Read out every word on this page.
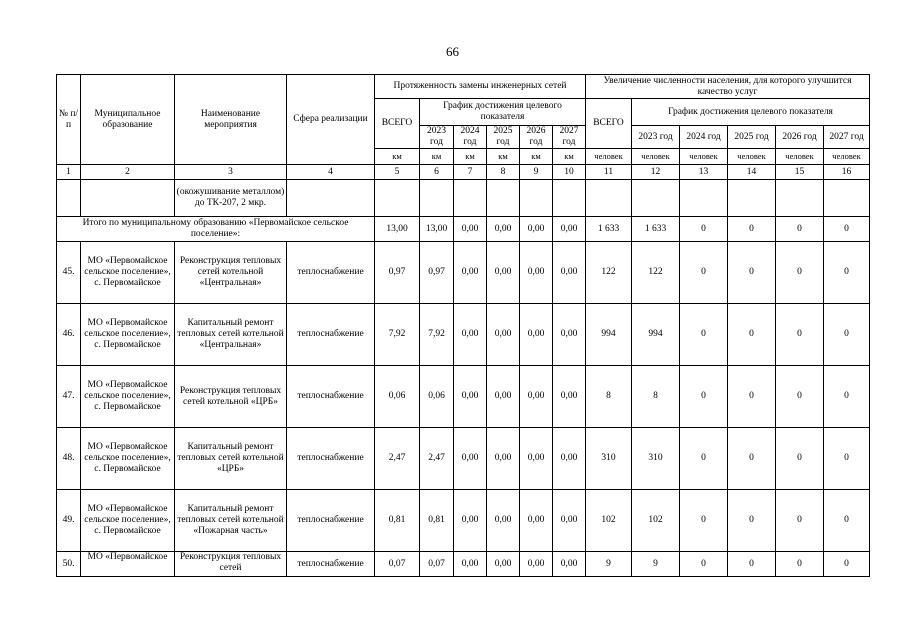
66
№ п/п	Муниципальное образование	Наименование мероприятия	Сфера реализации	Протяженность замены инженерных сетей						Увеличение численности населения, для которого улучшится качество услуг					
				ВСЕГО	График достижения целевого показателя					ВСЕГО	График достижения целевого показателя				
					2023 год	2024 год	2025 год	2026 год	2027 год		2023 год	2024 год	2025 год	2026 год	2027 год
				км	км	км	км	км	км	человек	человек	человек	человек	человек	человек
1	2	3	4	5	6	7	8	9	10	11	12	13	14	15	16
		(окожушивание металлом) до ТК-207, 2 мкр.													
Итого по муниципальному образованию «Первомайское сельское поселение»:				13,00	13,00	0,00	0,00	0,00	0,00	1 633	1 633	0	0	0	0
45.	МО «Первомайское сельское поселение», с. Первомайское	Реконструкция тепловых сетей котельной «Центральная»	теплоснабжение	0,97	0,97	0,00	0,00	0,00	0,00	122	122	0	0	0	0
46.	МО «Первомайское сельское поселение», с. Первомайское	Капитальный ремонт тепловых сетей котельной «Центральная»	теплоснабжение	7,92	7,92	0,00	0,00	0,00	0,00	994	994	0	0	0	0
47.	МО «Первомайское сельское поселение», с. Первомайское	Реконструкция тепловых сетей котельной «ЦРБ»	теплоснабжение	0,06	0,06	0,00	0,00	0,00	0,00	8	8	0	0	0	0
48.	МО «Первомайское сельское поселение», с. Первомайское	Капитальный ремонт тепловых сетей котельной «ЦРБ»	теплоснабжение	2,47	2,47	0,00	0,00	0,00	0,00	310	310	0	0	0	0
49.	МО «Первомайское сельское поселение», с. Первомайское	Капитальный ремонт тепловых сетей котельной «Пожарная часть»	теплоснабжение	0,81	0,81	0,00	0,00	0,00	0,00	102	102	0	0	0	0
50.	МО «Первомайское	Реконструкция тепловых сетей	теплоснабжение	0,07	0,07	0,00	0,00	0,00	0,00	9	9	0	0	0	0
